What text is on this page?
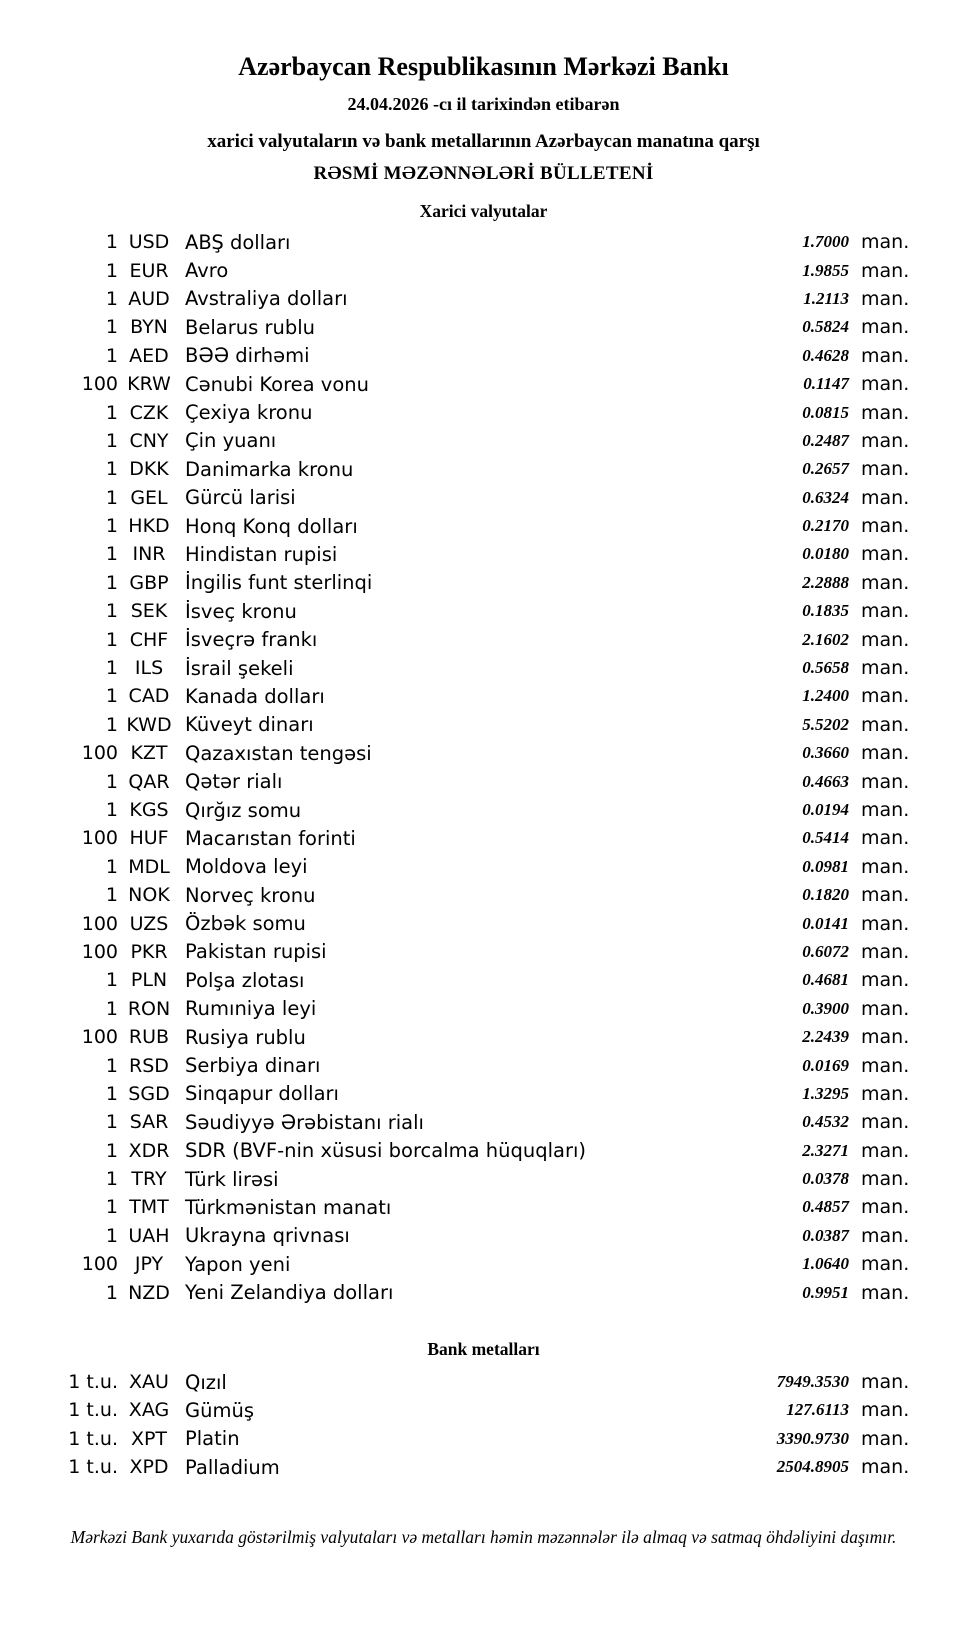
Azərbaycan Respublikasının Mərkəzi Bankı
24.04.2026 -cı il tarixindən etibarən
xarici valyutaların və bank metallarının Azərbaycan manatına qarşı
RƏSMİ MƏZƏNNƏLƏRİ BÜLLETENİ
Xarici valyutalar
1 USD ABŞ dolları	1.7000 man.
1 EUR Avro	1.9855 man.
1 AUD Avstraliya dolları	1.2113 man.
1 BYN Belarus rublu	0.5824 man.
1 AED BƏƏ dirhəmi	0.4628 man.
100 KRW Cənubi Korea vonu	0.1147 man.
1 CZK Çexiya kronu	0.0815 man.
1 CNY Çin yuanı	0.2487 man.
1 DKK Danimarka kronu	0.2657 man.
1 GEL Gürcü larisi	0.6324 man.
1 HKD Honq Konq dolları	0.2170 man.
1 INR Hindistan rupisi	0.0180 man.
1 GBP İngilis funt sterlinqi	2.2888 man.
1 SEK İsveç kronu	0.1835 man.
1 CHF İsveçrə frankı	2.1602 man.
1 ILS	İsrail şekeli	0.5658 man.
1 CAD Kanada dolları	1.2400 man.
1 KWD Küveyt dinarı	5.5202 man.
100 KZT Qazaxıstan tengəsi	0.3660 man.
1 QAR Qətər rialı	0.4663 man.
1 KGS Qırğız somu	0.0194 man.
100 HUF Macarıstan forinti	0.5414 man.
1 MDL Moldova leyi	0.0981 man.
1 NOK Norveç kronu	0.1820 man.
100 UZS Özbək somu	0.0141 man.
100 PKR Pakistan rupisi	0.6072 man.
1 PLN Polşa zlotası	0.4681 man.
1 RON Rumıniya leyi	0.3900 man.
100 RUB Rusiya rublu	2.2439 man.
1 RSD Serbiya dinarı	0.0169 man.
1 SGD Sinqapur dolları	1.3295 man.
1 SAR Səudiyyə Ərəbistanı rialı	0.4532 man.
1 XDR SDR (BVF-nin xüsusi borcalma hüquqları)	2.3271 man.
1 TRY Türk lirəsi	0.0378 man.
1 TMT Türkmənistan manatı	0.4857 man.
1 UAH Ukrayna qrivnası	0.0387 man.
100 JPY	Yapon yeni	1.0640 man.
1 NZD Yeni Zelandiya dolları	0.9951 man.
Bank metalları
1 t.u. XAU Qızıl	7949.3530 man.
1 t.u. XAG Gümüş	127.6113 man.
1 t.u. XPT Platin	3390.9730 man.
1 t.u. XPD Palladium	2504.8905 man.
Mərkəzi Bank yuxarıda göstərilmiş valyutaları və metalları həmin məzənnələr ilə almaq və satmaq öhdəliyini daşımır.
